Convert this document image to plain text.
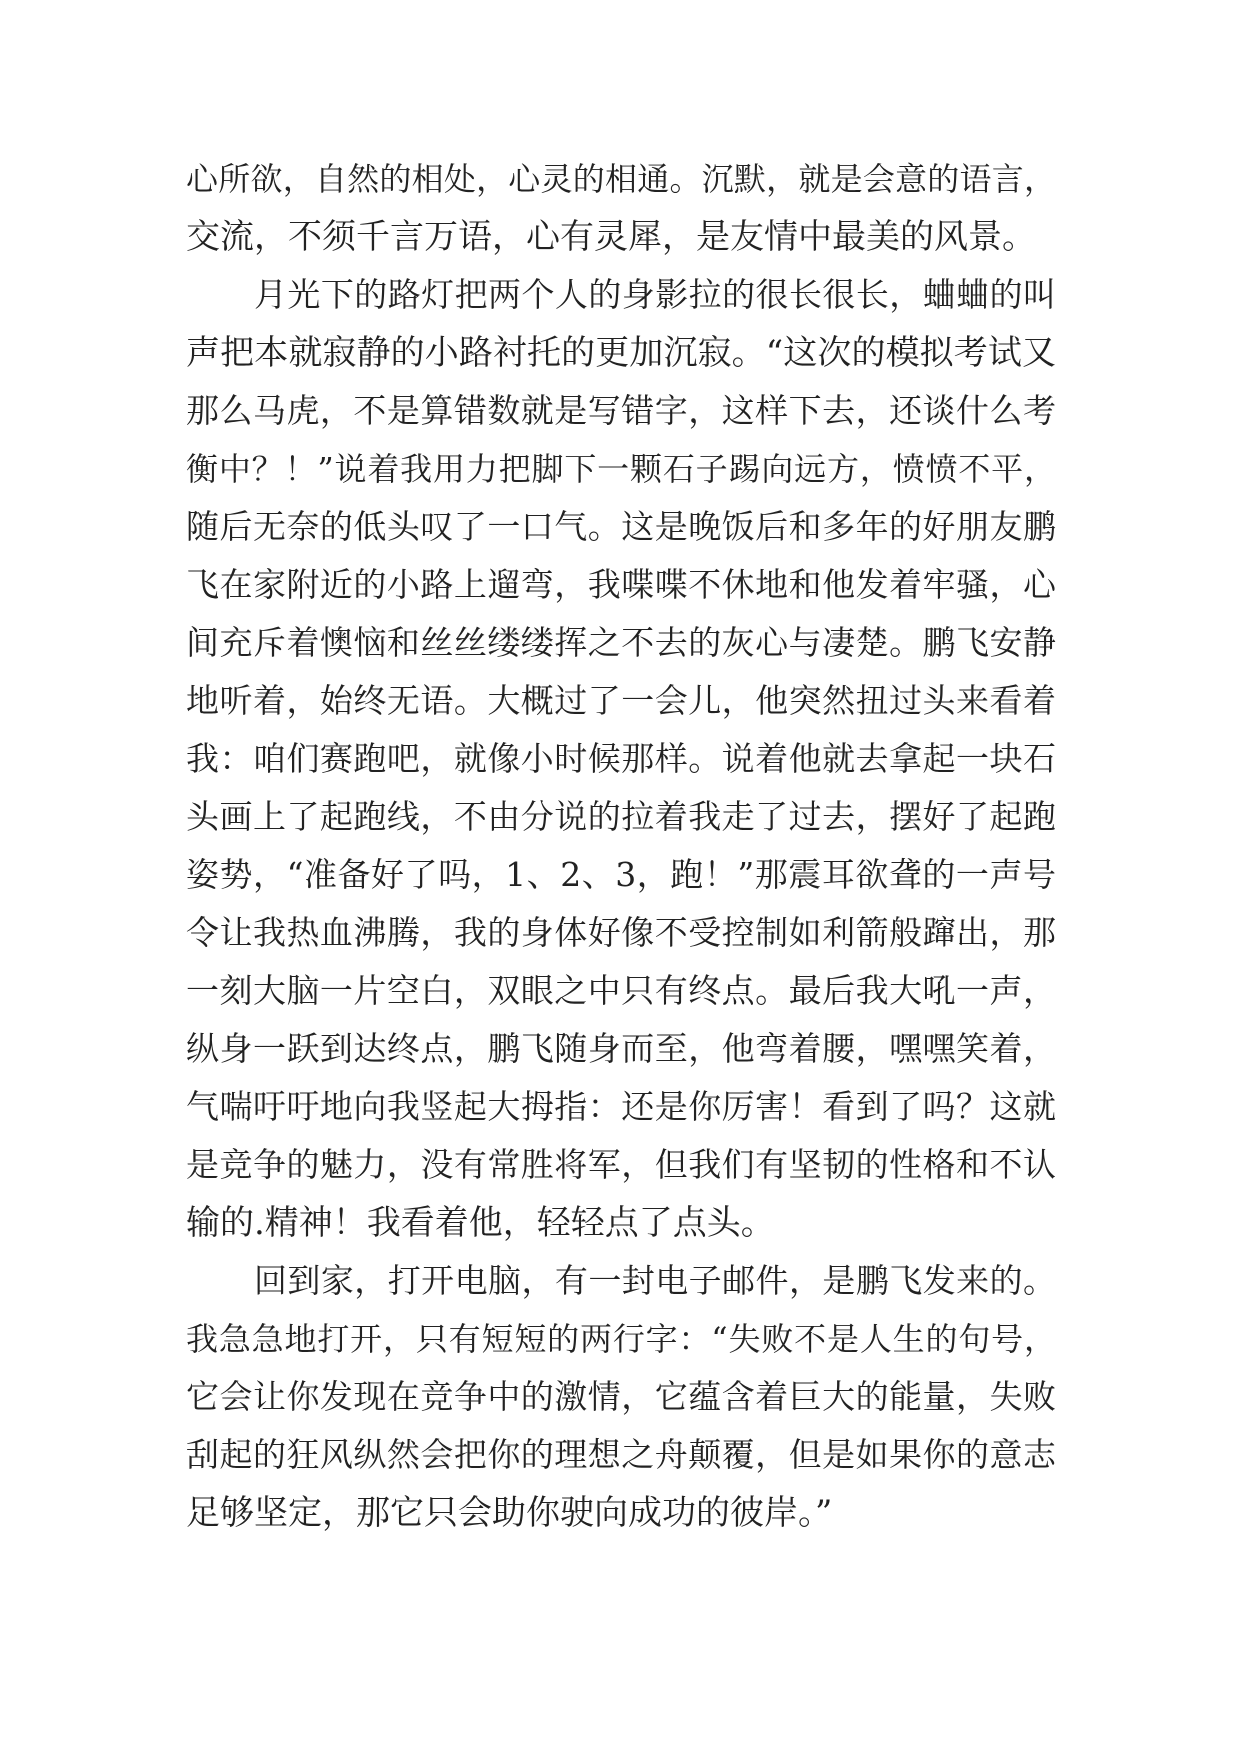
心所欲，自然的相处，心灵的相通。沉默，就是会意的语言，
交流，不须千言万语，心有灵犀，是友情中最美的风景。
月光下的路灯把两个人的身影拉的很长很长，蛐蛐的叫
声把本就寂静的小路衬托的更加沉寂。“这次的模拟考试又
那么马虎，不是算错数就是写错字，这样下去，还谈什么考
衡中？！”说着我用力把脚下一颗石子踢向远方，愤愤不平，
随后无奈的低头叹了一口气。这是晚饭后和多年的好朋友鹏
飞在家附近的小路上遛弯，我喋喋不休地和他发着牢骚，心
间充斥着懊恼和丝丝缕缕挥之不去的灰心与凄楚。鹏飞安静
地听着，始终无语。大概过了一会儿，他突然扭过头来看着
我：咱们赛跑吧，就像小时候那样。说着他就去拿起一块石
头画上了起跑线，不由分说的拉着我走了过去，摆好了起跑
姿势，“准备好了吗，1、2、3，跑！”那震耳欲聋的一声号
令让我热血沸腾，我的身体好像不受控制如利箭般蹿出，那
一刻大脑一片空白，双眼之中只有终点。最后我大吼一声，
纵身一跃到达终点，鹏飞随身而至，他弯着腰，嘿嘿笑着，
气喘吁吁地向我竖起大拇指：还是你厉害！看到了吗？这就
是竞争的魅力，没有常胜将军，但我们有坚韧的性格和不认
输的.精神！我看着他，轻轻点了点头。
回到家，打开电脑，有一封电子邮件，是鹏飞发来的。
我急急地打开，只有短短的两行字：“失败不是人生的句号，
它会让你发现在竞争中的激情，它蕴含着巨大的能量，失败
刮起的狂风纵然会把你的理想之舟颠覆，但是如果你的意志
足够坚定，那它只会助你驶向成功的彼岸。”
